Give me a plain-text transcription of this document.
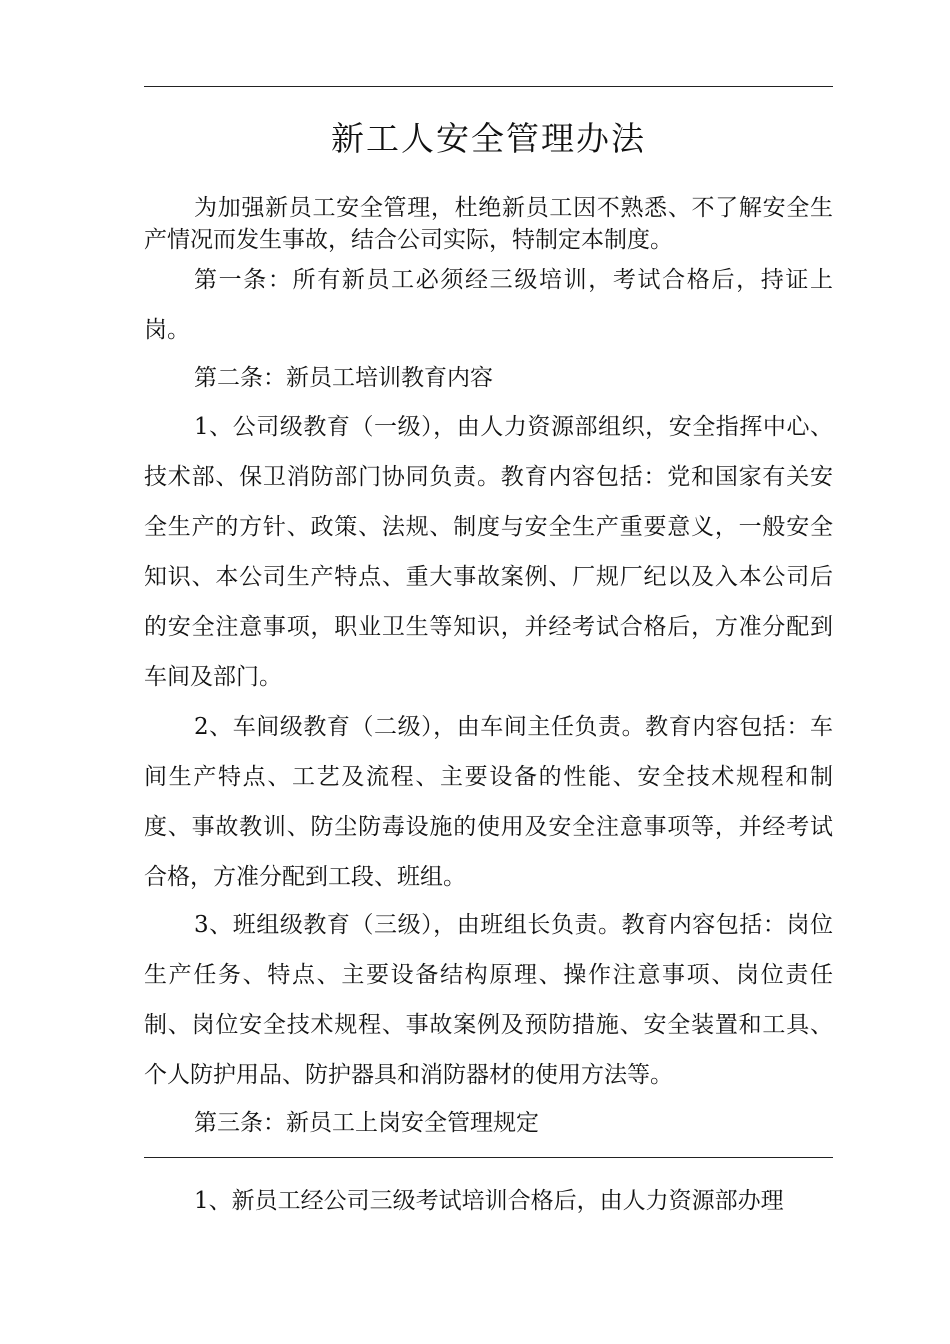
新工人安全管理办法

为加强新员工安全管理，杜绝新员工因不熟悉、不了解安全生产情况而发生事故，结合公司实际，特制定本制度。

第一条：所有新员工必须经三级培训，考试合格后，持证上岗。

第二条：新员工培训教育内容

1、公司级教育（一级），由人力资源部组织，安全指挥中心、技术部、保卫消防部门协同负责。教育内容包括：党和国家有关安全生产的方针、政策、法规、制度与安全生产重要意义，一般安全知识、本公司生产特点、重大事故案例、厂规厂纪以及入本公司后的安全注意事项，职业卫生等知识，并经考试合格后，方准分配到车间及部门。

2、车间级教育（二级），由车间主任负责。教育内容包括：车间生产特点、工艺及流程、主要设备的性能、安全技术规程和制度、事故教训、防尘防毒设施的使用及安全注意事项等，并经考试合格，方准分配到工段、班组。

3、班组级教育（三级），由班组长负责。教育内容包括：岗位生产任务、特点、主要设备结构原理、操作注意事项、岗位责任制、岗位安全技术规程、事故案例及预防措施、安全装置和工具、个人防护用品、防护器具和消防器材的使用方法等。

第三条：新员工上岗安全管理规定

1、新员工经公司三级考试培训合格后，由人力资源部办理
